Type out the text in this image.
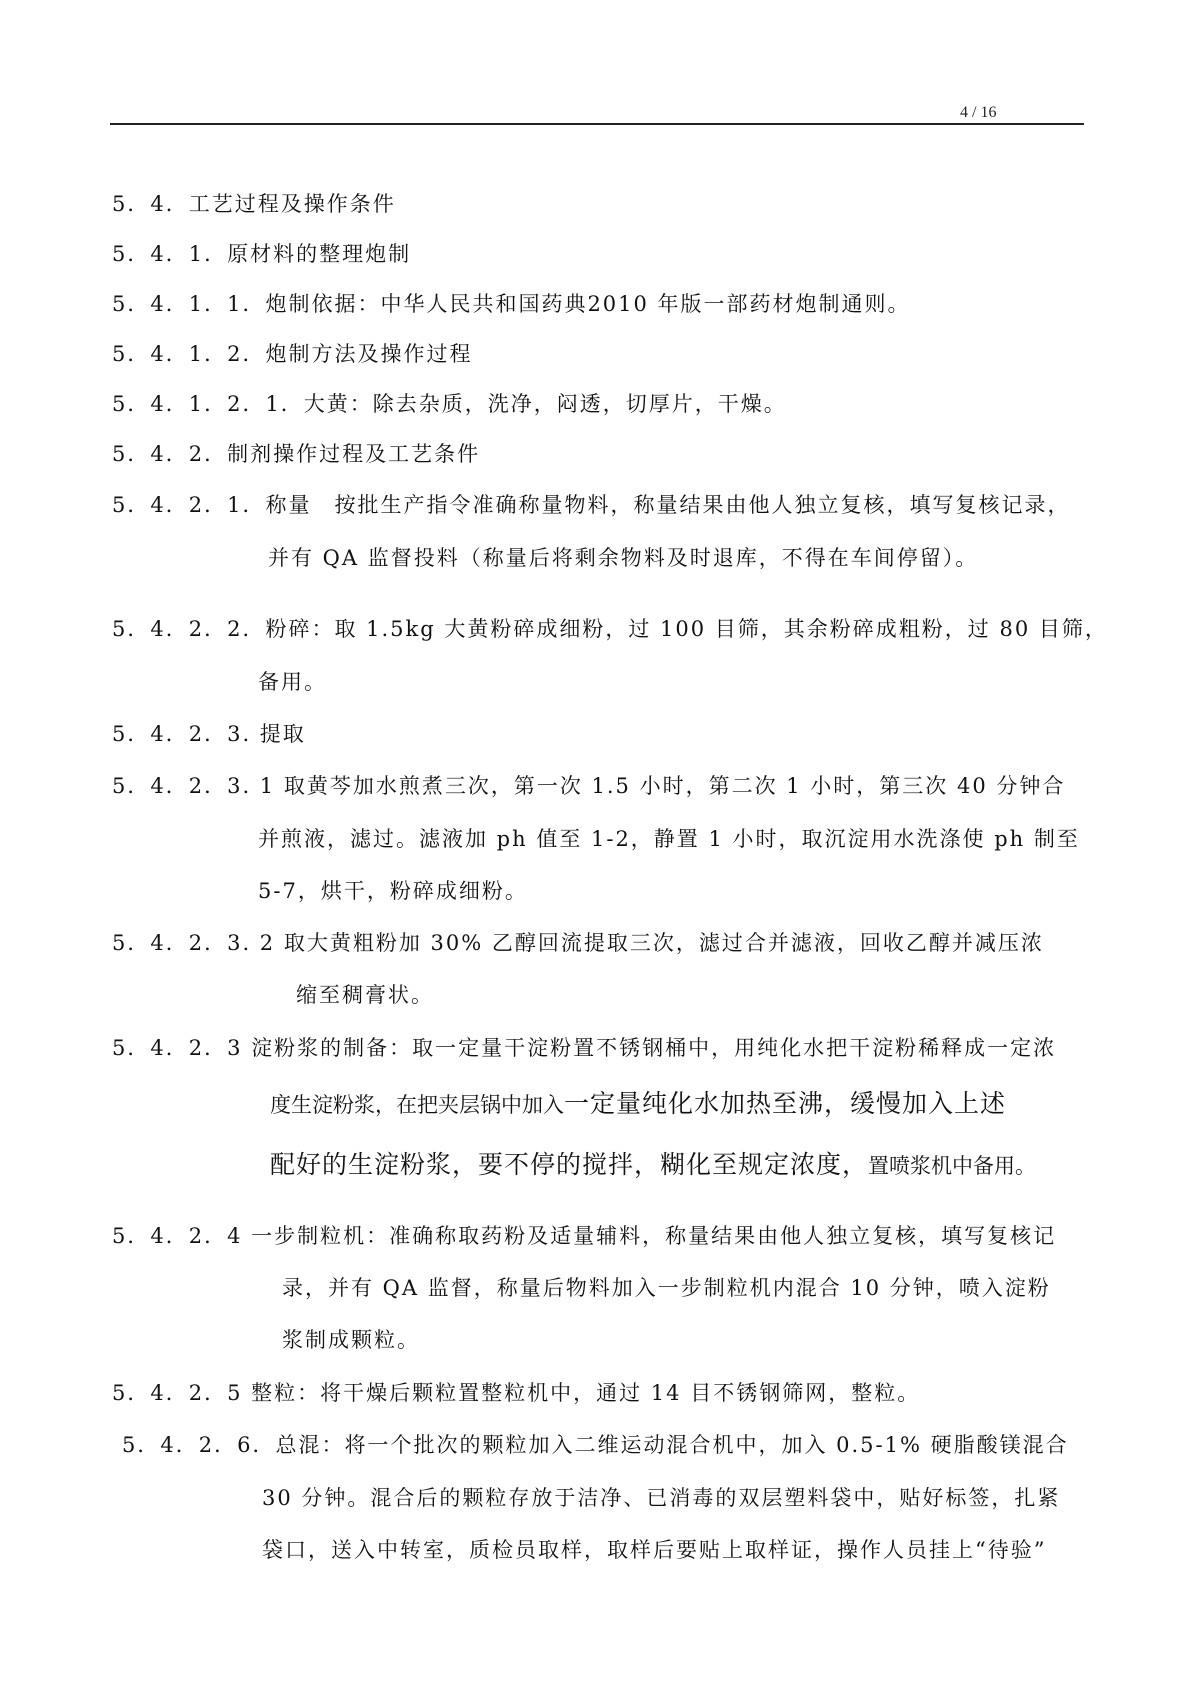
4 / 16
5．4．工艺过程及操作条件
5．4．1．原材料的整理炮制
5．4．1．1．炮制依据：中华人民共和国药典2010 年版一部药材炮制通则。
5．4．1．2．炮制方法及操作过程
5．4．1．2．1．大黄：除去杂质，洗净，闷透，切厚片，干燥。
5．4．2．制剂操作过程及工艺条件
5．4．2．1．称量　按批生产指令准确称量物料，称量结果由他人独立复核，填写复核记录，
并有 QA 监督投料（称量后将剩余物料及时退库，不得在车间停留）。
5．4．2．2．粉碎：取 1.5kg 大黄粉碎成细粉，过 100 目筛，其余粉碎成粗粉，过 80 目筛，
备用。
5．4．2．3. 提取
5．4．2．3. 1 取黄芩加水煎煮三次，第一次 1.5 小时，第二次 1 小时，第三次 40 分钟合
并煎液，滤过。滤液加 ph 值至 1-2，静置 1 小时，取沉淀用水洗涤使 ph 制至
5-7，烘干，粉碎成细粉。
5．4．2．3. 2 取大黄粗粉加 30% 乙醇回流提取三次，滤过合并滤液，回收乙醇并减压浓
缩至稠膏状。
5．4．2．3 淀粉浆的制备：取一定量干淀粉置不锈钢桶中，用纯化水把干淀粉稀释成一定浓
度生淀粉浆，在把夹层锅中加入一定量纯化水加热至沸，缓慢加入上述
配好的生淀粉浆，要不停的搅拌，糊化至规定浓度，置喷浆机中备用。
5．4．2．4 一步制粒机：准确称取药粉及适量辅料，称量结果由他人独立复核，填写复核记
录，并有 QA 监督，称量后物料加入一步制粒机内混合 10 分钟，喷入淀粉
浆制成颗粒。
5．4．2．5 整粒：将干燥后颗粒置整粒机中，通过 14 目不锈钢筛网，整粒。
5．4．2．6．总混：将一个批次的颗粒加入二维运动混合机中，加入 0.5-1% 硬脂酸镁混合
30 分钟。混合后的颗粒存放于洁净、已消毒的双层塑料袋中，贴好标签，扎紧
袋口，送入中转室，质检员取样，取样后要贴上取样证，操作人员挂上“待验”
